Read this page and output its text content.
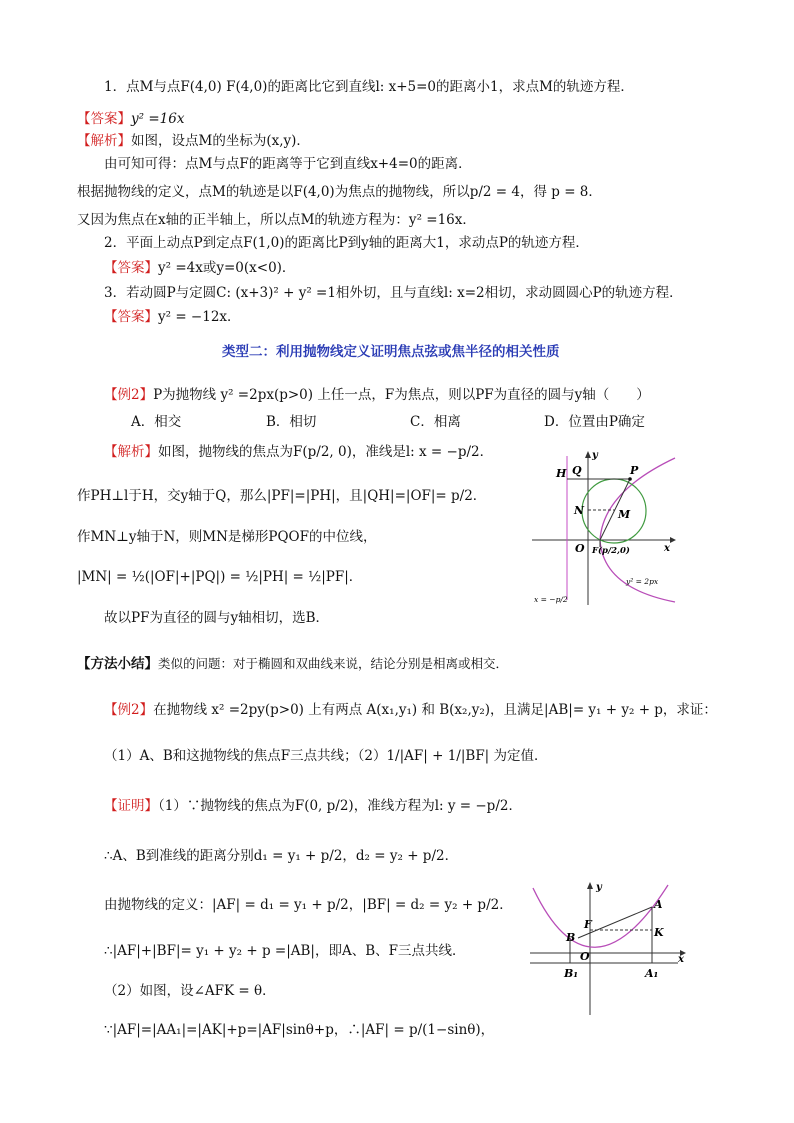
1．点M与点F(4,0) F(4,0)的距离比它到直线l: x+5=0的距离小1，求点M的轨迹方程．
【答案】y² =16x
【解析】如图，设点M的坐标为(x,y)．
由可知可得：点M与点F的距离等于它到直线x+4=0的距离．
根据抛物线的定义，点M的轨迹是以F(4,0)为焦点的抛物线，所以p/2 = 4，得 p = 8．
又因为焦点在x轴的正半轴上，所以点M的轨迹方程为：y² =16x．
2．平面上动点P到定点F(1,0)的距离比P到y轴的距离大1，求动点P的轨迹方程．
【答案】y² =4x或y=0(x<0)．
3．若动圆P与定圆C: (x+3)² + y² =1相外切，且与直线l: x=2相切，求动圆圆心P的轨迹方程．
【答案】y² = −12x．
类型二：利用抛物线定义证明焦点弦或焦半径的相关性质
【例2】P为抛物线 y² =2px(p>0) 上任一点，F为焦点，则以PF为直径的圆与y轴（　　）
A．相交	B．相切	C．相离	D．位置由P确定
【解析】如图，抛物线的焦点为F(p/2, 0)，准线是l: x = −p/2．
作PH⊥l于H，交y轴于Q，那么|PF|=|PH|，且|QH|=|OF|= p/2．
作MN⊥y轴于N，则MN是梯形PQOF的中位线，
|MN| = ½(|OF|+|PQ|) = ½|PH| = ½|PF|．
故以PF为直径的圆与y轴相切，选B．
H Q
y
P
N	M
O F(p/2,0)	x
y² = 2px
x = −p/2
【方法小结】类似的问题：对于椭圆和双曲线来说，结论分别是相离或相交．
【例2】在抛物线 x² =2py(p>0) 上有两点 A(x₁,y₁) 和 B(x₂,y₂)，且满足|AB|= y₁ + y₂ + p，求证：
（1）A、B和这抛物线的焦点F三点共线；（2）1/|AF| + 1/|BF| 为定值．
【证明】（1）∵抛物线的焦点为F(0, p/2)，准线方程为l: y = −p/2．
∴A、B到准线的距离分别d₁ = y₁ + p/2，d₂ = y₂ + p/2．
由抛物线的定义：|AF| = d₁ = y₁ + p/2，|BF| = d₂ = y₂ + p/2．
∴|AF|+|BF|= y₁ + y₂ + p =|AB|，即A、B、F三点共线．
（2）如图，设∠AFK = θ．
∵|AF|=|AA₁|=|AK|+p=|AF|sinθ+p，∴|AF| = p/(1−sinθ)，
y
A
F
B	K
O	x
B₁	A₁
